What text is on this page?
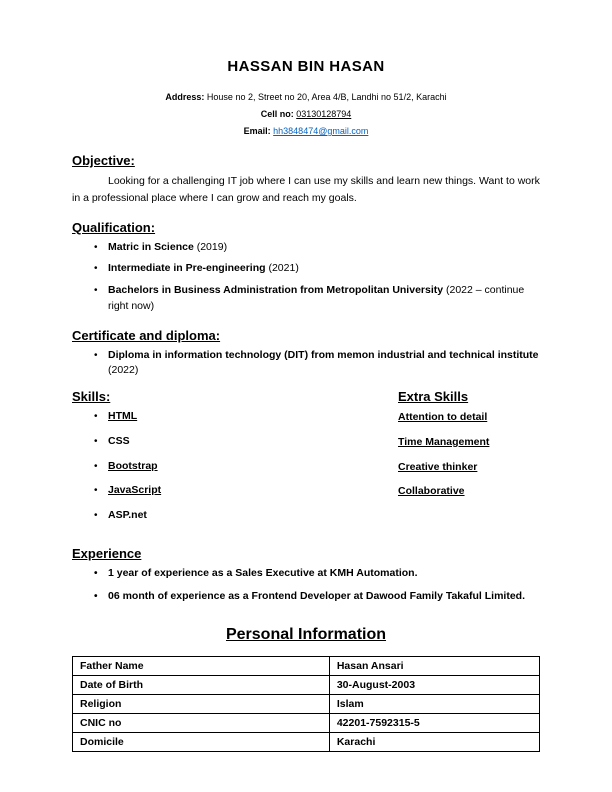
HASSAN BIN HASAN
Address: House no 2, Street no 20, Area 4/B, Landhi no 51/2, Karachi
Cell no: 03130128794
Email: hh3848474@gmail.com
Objective:

Looking for a challenging IT job where I can use my skills and learn new things. Want to work in a professional place where I can grow and reach my goals.

Qualification:
• Matric in Science (2019)
• Intermediate in Pre-engineering (2021)
• Bachelors in Business Administration from Metropolitan University (2022 – continue right now)
Certificate and diploma:
• Diploma in information technology (DIT) from memon industrial and technical institute (2022)
Skills:
• HTML
• CSS
• Bootstrap
• JavaScript
• ASP.net
Extra Skills
Attention to detail
Time Management
Creative thinker
Collaborative
Experience
• 1 year of experience as a Sales Executive at KMH Automation.
• 06 month of experience as a Frontend Developer at Dawood Family Takaful Limited.
Personal Information
Father Name	Hasan Ansari
Date of Birth	30-August-2003
Religion	Islam
CNIC no	42201-7592315-5
Domicile	Karachi
